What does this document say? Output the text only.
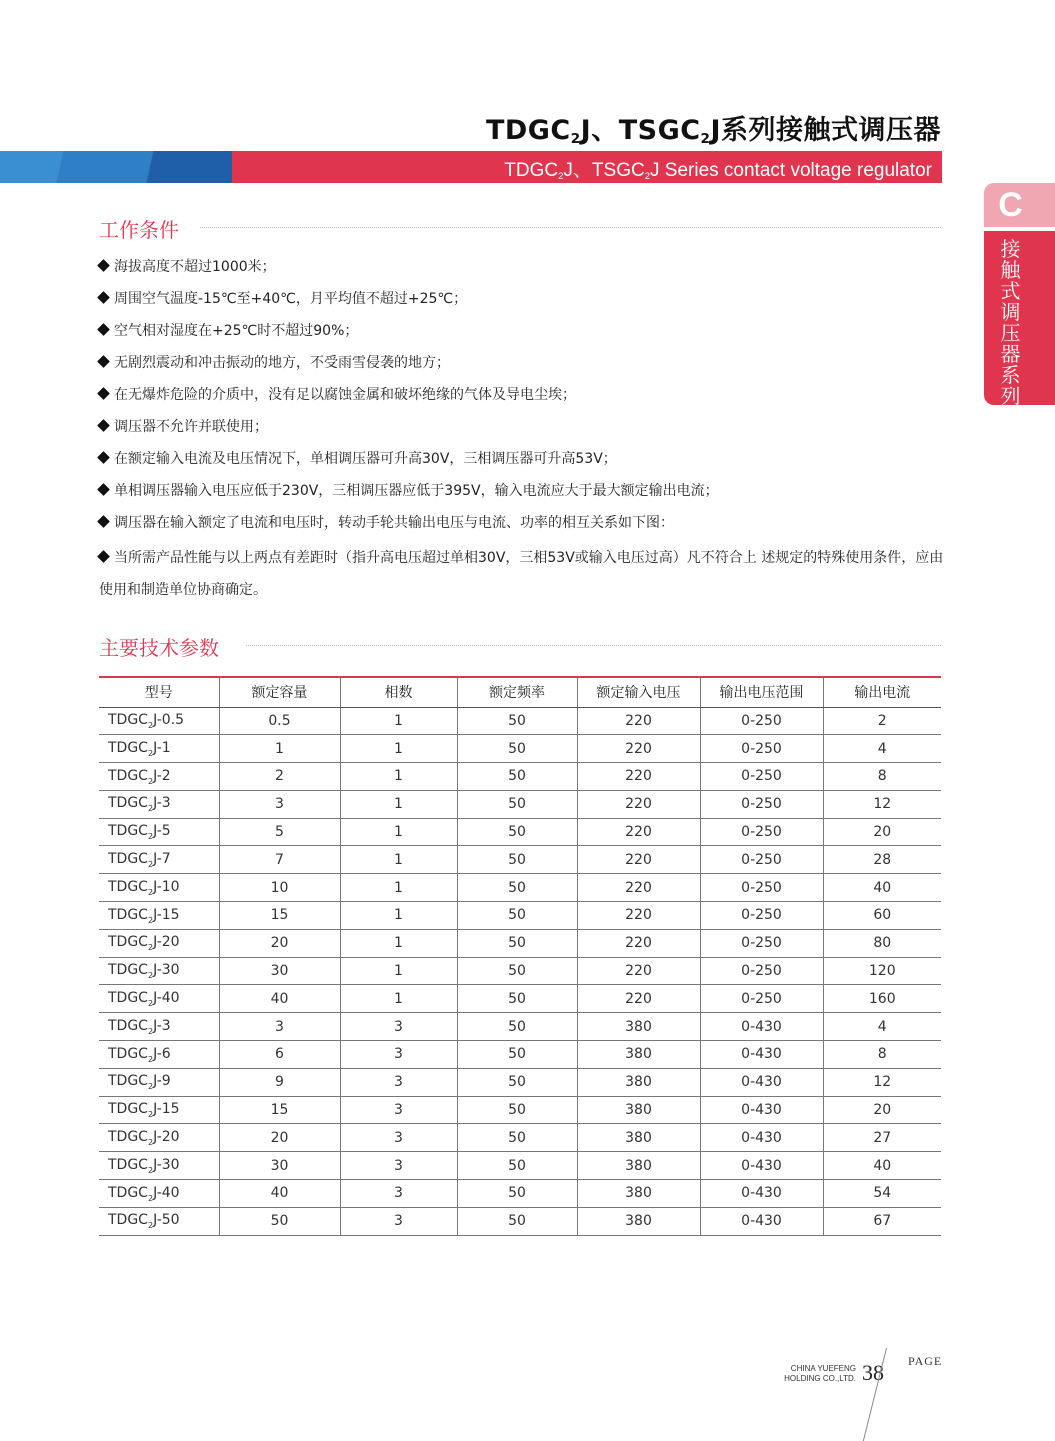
$TDGC_2J$、$TSGC_2J$系列接触式调压器
$TDGC_2J$、$TSGC_2J$ Series contact voltage regulator
C
接
触
式
调
压
器
系
列
工作条件
海拔高度不超过1000米；
周围空气温度-15℃至+40℃，月平均值不超过+25℃；
空气相对湿度在+25℃时不超过90%；
无剧烈震动和冲击振动的地方，不受雨雪侵袭的地方；
在无爆炸危险的介质中，没有足以腐蚀金属和破坏绝缘的气体及导电尘埃；
调压器不允许并联使用；
在额定输入电流及电压情况下，单相调压器可升高30V，三相调压器可升高53V；
单相调压器输入电压应低于230V，三相调压器应低于395V，输入电流应大于最大额定输出电流；
调压器在输入额定了电流和电压时，转动手轮共输出电压与电流、功率的相互关系如下图：
当所需产品性能与以上两点有差距时（指升高电压超过单相30V，三相53V或输入电压过高）凡不符合上 述规定的特殊使用条件，应由使用和制造单位协商确定。
主要技术参数
型号	额定容量	相数	额定频率	额定输入电压	输出电压范围	输出电流
$TDGC_2J-0.5$	0.5	1	50	220	0-250	2
$TDGC_2J-1$	1	1	50	220	0-250	4
$TDGC_2J-2$	2	1	50	220	0-250	8
$TDGC_2J-3$	3	1	50	220	0-250	12
$TDGC_2J-5$	5	1	50	220	0-250	20
$TDGC_2J-7$	7	1	50	220	0-250	28
$TDGC_2J-10$	10	1	50	220	0-250	40
$TDGC_2J-15$	15	1	50	220	0-250	60
$TDGC_2J-20$	20	1	50	220	0-250	80
$TDGC_2J-30$	30	1	50	220	0-250	120
$TDGC_2J-40$	40	1	50	220	0-250	160
$TDGC_2J-3$	3	3	50	380	0-430	4
$TDGC_2J-6$	6	3	50	380	0-430	8
$TDGC_2J-9$	9	3	50	380	0-430	12
$TDGC_2J-15$	15	3	50	380	0-430	20
$TDGC_2J-20$	20	3	50	380	0-430	27
$TDGC_2J-30$	30	3	50	380	0-430	40
$TDGC_2J-40$	40	3	50	380	0-430	54
$TDGC_2J-50$	50	3	50	380	0-430	67
CHINA YUEFENG
HOLDING CO.,LTD. 38 PAGE
